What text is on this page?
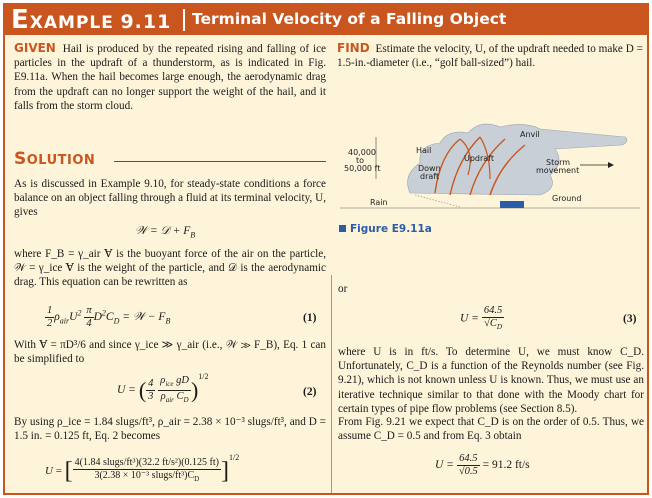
EXAMPLE 9.11 Terminal Velocity of a Falling Object

GIVEN Hail is produced by the repeated rising and falling of ice particles in the updraft of a thunderstorm, as is indicated in Fig. E9.11a. When the hail becomes large enough, the aerodynamic drag from the updraft can no longer support the weight of the hail, and it falls from the storm cloud.

SOLUTION

As is discussed in Example 9.10, for steady-state conditions a force balance on an object falling through a fluid at its terminal velocity, U, gives

𝒲 = 𝒟 + $F_B$

where F_B = γ_air Ɐ is the buoyant force of the air on the particle, 𝒲 = γ_ice Ɐ is the weight of the particle, and 𝒟 is the aerodynamic drag. This equation can be rewritten as

$\frac{1}{2} \rho_{air}U^2 \frac{\pi}{4} D^2C_D$ = 𝒲 − $F_B$	(1)

With Ɐ = πD³/6 and since γ_ice ≫ γ_air (i.e., 𝒲 ≫ F_B), Eq. 1 can be simplified to

U = ( $\frac{4}{3}$
$\frac{\rho_{ice} gD}{\rho_{air} C_D} )^{1/2}$
(2)

By using ρ_ice = 1.84 slugs/ft³, ρ_air = 2.38 × 10⁻³ slugs/ft³, and D = 1.5 in. = 0.125 ft, Eq. 2 becomes

U = [ $\frac{\text{4(1.84 slugs/ft³)(32.2 ft/s²)(0.125 ft)}}{3(2.38 \times 10^{-3} slugs/ft^3)C_D} ]^{1/2}$

FIND Estimate the velocity, U, of the updraft needed to make D = 1.5-in.-diameter (i.e., “golf ball-sized”) hail.

40,000
to
50,000 ft
Hail
Updraft
Down
draft
Anvil
Storm
movement
Rain	Ground
Figure E9.11a
or
$U = \frac{64.5}{√C_D}$	(3)

where U is in ft/s. To determine U, we must know C_D. Unfortunately, C_D is a function of the Reynolds number (see Fig. 9.21), which is not known unless U is known. Thus, we must use an iterative technique similar to that done with the Moody chart for certain types of pipe flow problems (see Section 8.5).

From Fig. 9.21 we expect that C_D is on the order of 0.5. Thus, we assume C_D = 0.5 and from Eq. 3 obtain

$U = \frac{64.5}{√0.5} = 91.2$ ft/s
